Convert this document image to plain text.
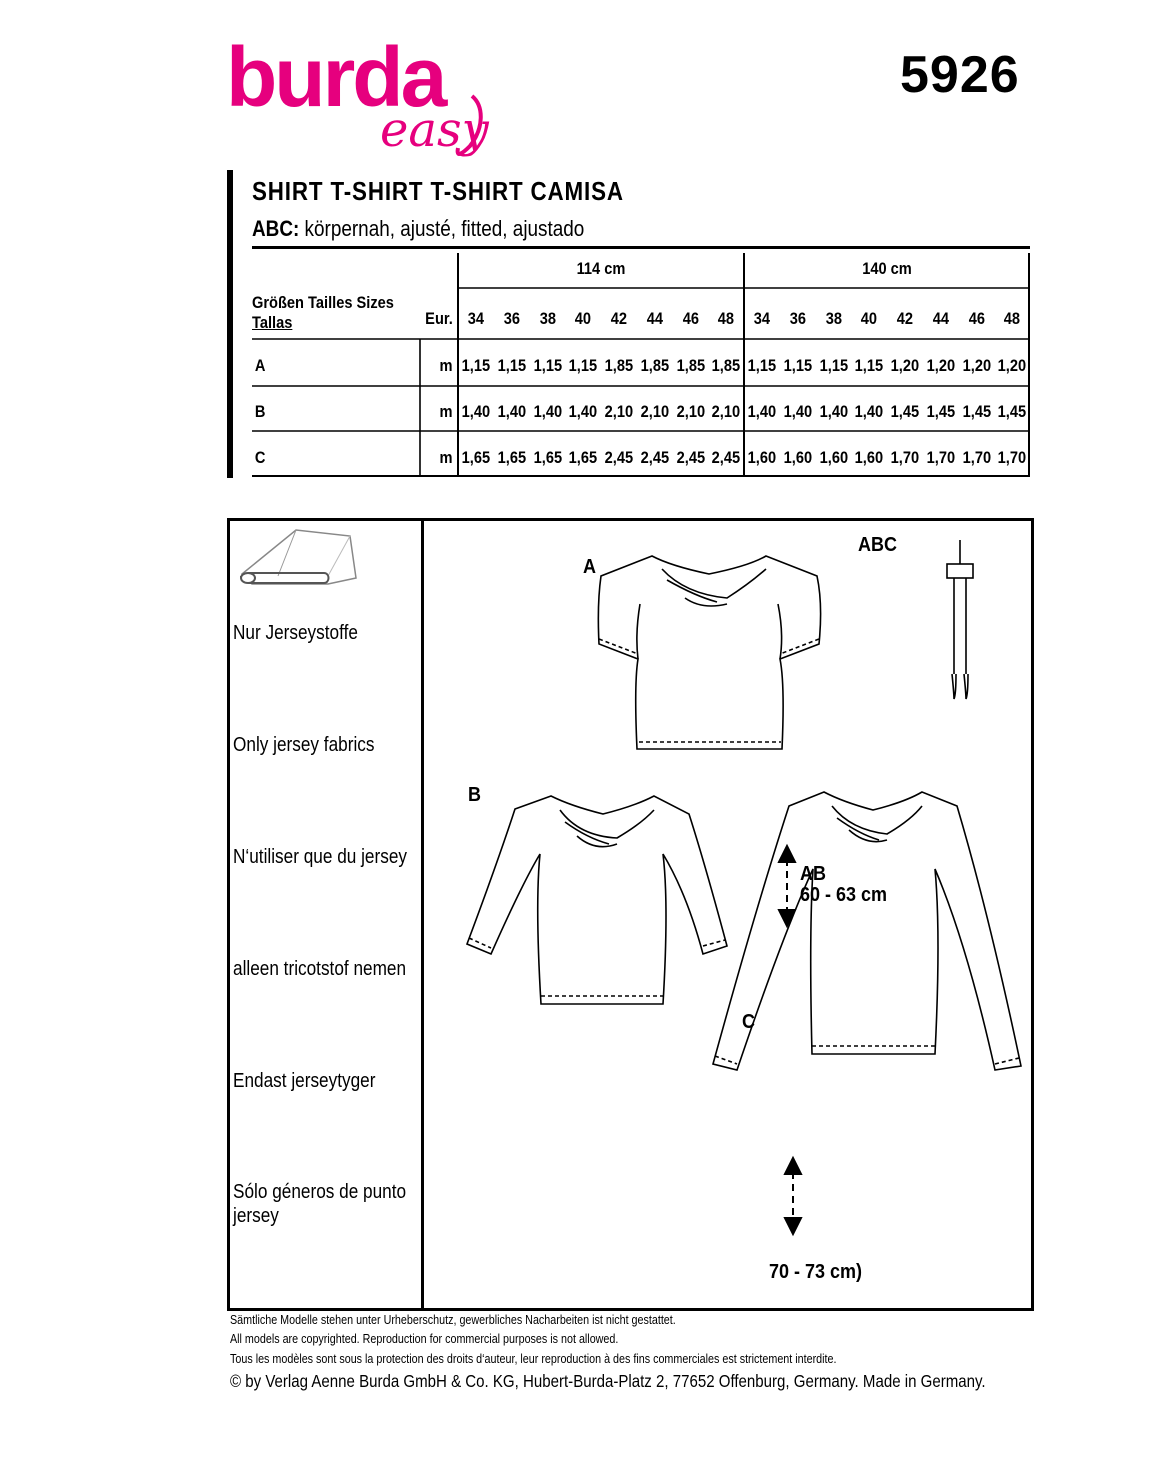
burda
easy
5926
SHIRT T-SHIRT T-SHIRT CAMISA
ABC: körpernah, ajusté, fitted, ajustado
114 cm	140 cm
Größen Tailles Sizes
Tallas	Eur. 34	36	38	40	42	44	46	48	34	36	38	40	42	44	46	48
A	m 1,15 1,15 1,15 1,15 1,85 1,85 1,85 1,85 1,15 1,15 1,15 1,15 1,20 1,20 1,20 1,20
B	m 1,40 1,40 1,40 1,40 2,10 2,10 2,10 2,10 1,40 1,40 1,40 1,40 1,45 1,45 1,45 1,45
C	m 1,65 1,65 1,65 1,65 2,45 2,45 2,45 2,45 1,60 1,60 1,60 1,60 1,70 1,70 1,70 1,70
Nur Jerseystoffe
Only jersey fabrics
N‘utiliser que du jersey
alleen tricotstof nemen
Endast jerseytyger
Sólo géneros de punto
jersey
A
B
C
ABC
AB
60 - 63 cm
70 - 73 cm)
Sämtliche Modelle stehen unter Urheberschutz, gewerbliches Nacharbeiten ist nicht gestattet.
All models are copyrighted. Reproduction for commercial purposes is not allowed.
Tous les modèles sont sous la protection des droits d‘auteur, leur reproduction à des fins commerciales est strictement interdite.
© by Verlag Aenne Burda GmbH & Co. KG, Hubert-Burda-Platz 2, 77652 Offenburg, Germany. Made in Germany.
